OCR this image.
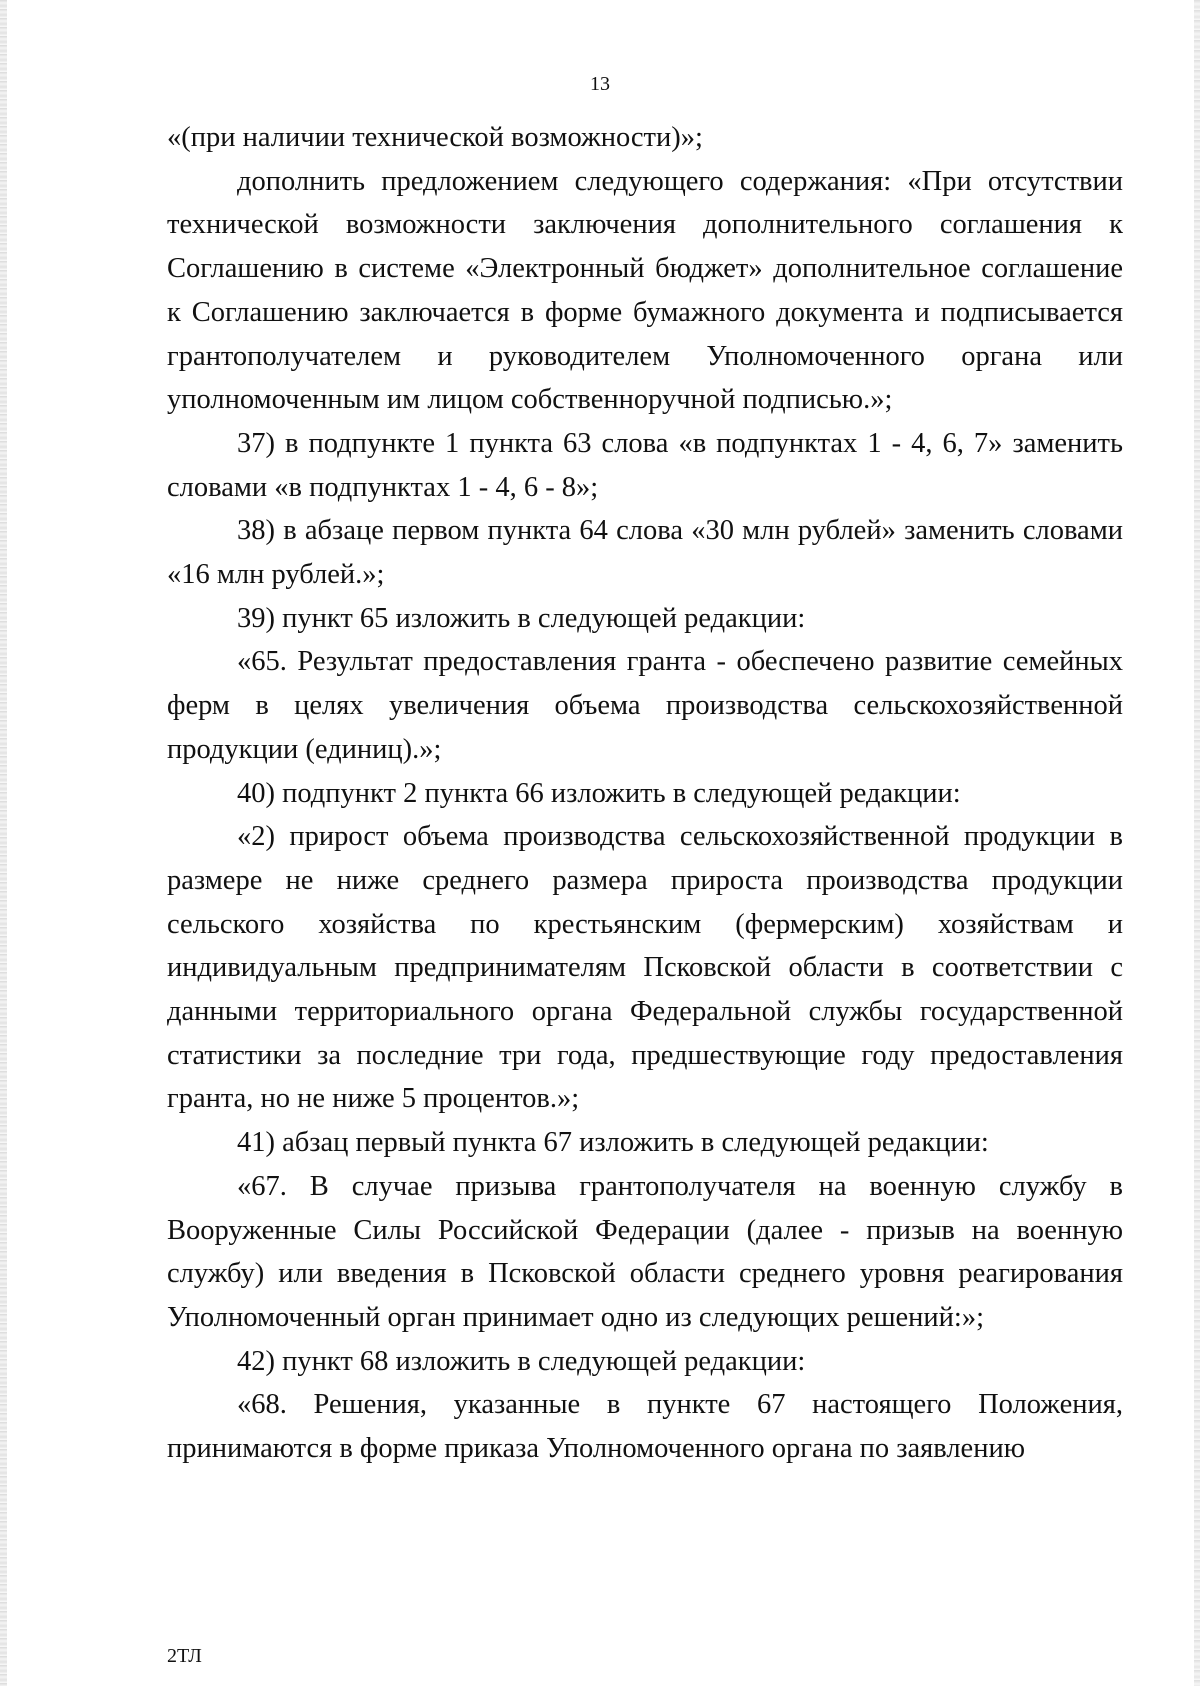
13

«(при наличии технической возможности)»;

дополнить предложением следующего содержания: «При отсутствии технической возможности заключения дополнительного соглашения к Соглашению в системе «Электронный бюджет» дополнительное соглашение к Соглашению заключается в форме бумажного документа и подписывается грантополучателем и руководителем Уполномоченного органа или уполномоченным им лицом собственноручной подписью.»;

37) в подпункте 1 пункта 63 слова «в подпунктах 1 - 4, 6, 7» заменить словами «в подпунктах 1 - 4, 6 - 8»;

38) в абзаце первом пункта 64 слова «30 млн рублей» заменить словами «16 млн рублей.»;

39) пункт 65 изложить в следующей редакции:

«65. Результат предоставления гранта - обеспечено развитие семейных ферм в целях увеличения объема производства сельскохозяйственной продукции (единиц).»;

40) подпункт 2 пункта 66 изложить в следующей редакции:

«2) прирост объема производства сельскохозяйственной продукции в размере не ниже среднего размера прироста производства продукции сельского хозяйства по крестьянским (фермерским) хозяйствам и индивидуальным предпринимателям Псковской области в соответствии с данными территориального органа Федеральной службы государственной статистики за последние три года, предшествующие году предоставления гранта, но не ниже 5 процентов.»;

41) абзац первый пункта 67 изложить в следующей редакции:

«67. В случае призыва грантополучателя на военную службу в Вооруженные Силы Российской Федерации (далее - призыв на военную службу) или введения в Псковской области среднего уровня реагирования Уполномоченный орган принимает одно из следующих решений:»;

42) пункт 68 изложить в следующей редакции:

«68. Решения, указанные в пункте 67 настоящего Положения, принимаются в форме приказа Уполномоченного органа по заявлению

2ТЛ
